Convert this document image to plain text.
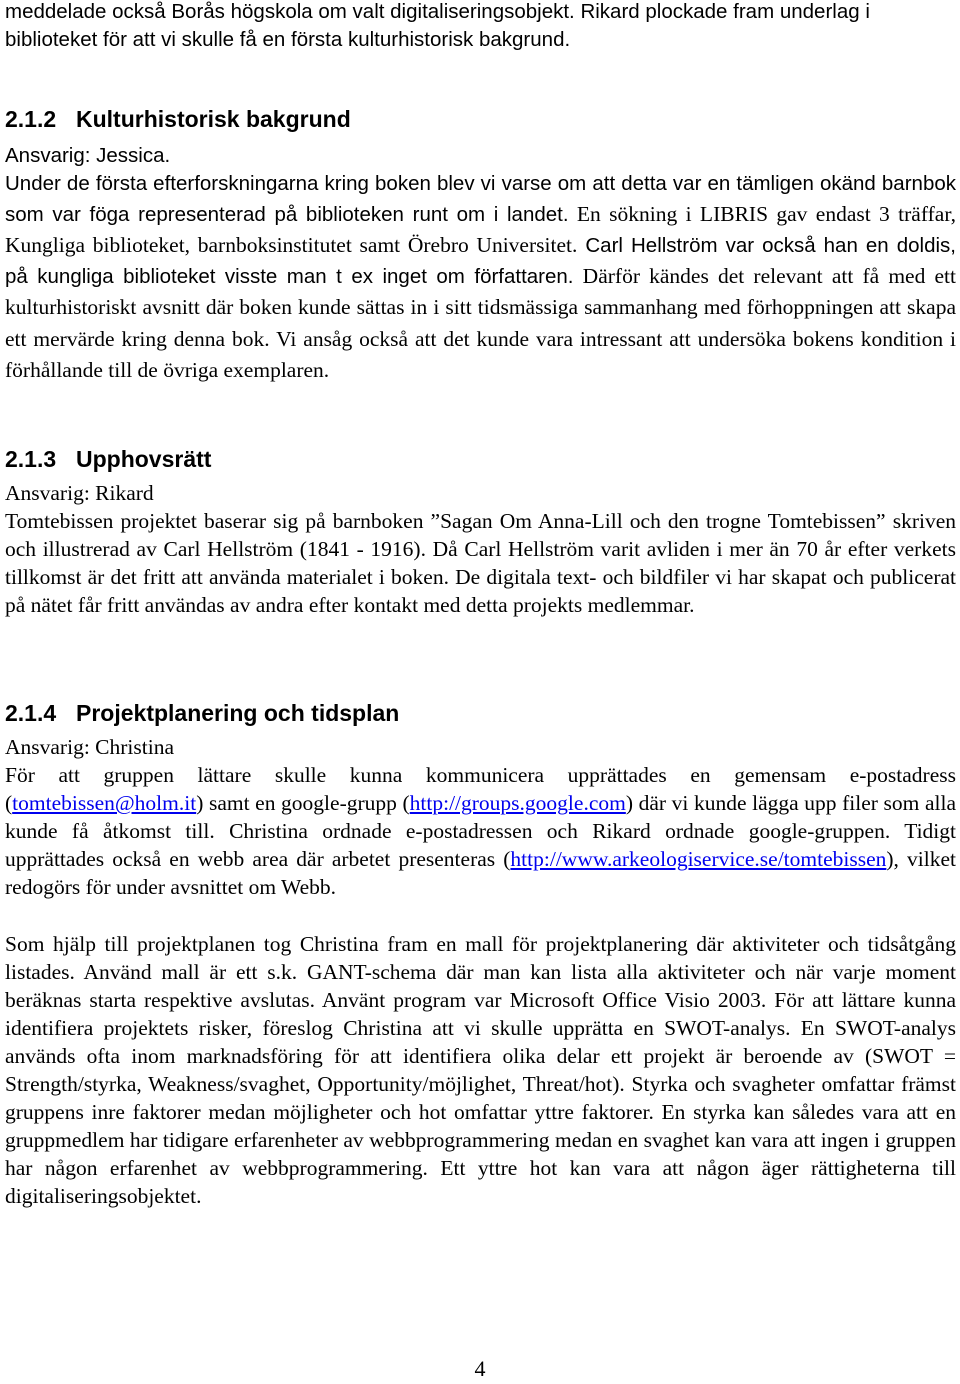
meddelade också Borås högskola om valt digitaliseringsobjekt. Rikard plockade fram underlag i
biblioteket för att vi skulle få en första kulturhistorisk bakgrund.

2.1.2 Kulturhistorisk bakgrund

Ansvarig: Jessica.

Under de första efterforskningarna kring boken blev vi varse om att detta var en tämligen okänd barnbok som var föga representerad på biblioteken runt om i landet. En sökning i LIBRIS gav endast 3 träffar, Kungliga biblioteket, barnboksinstitutet samt Örebro Universitet. Carl Hellström var också han en doldis, på kungliga biblioteket visste man t ex inget om författaren. Därför kändes det relevant att få med ett kulturhistoriskt avsnitt där boken kunde sättas in i sitt tidsmässiga sammanhang med förhoppningen att skapa ett mervärde kring denna bok. Vi ansåg också att det kunde vara intressant att undersöka bokens kondition i förhållande till de övriga exemplaren.

2.1.3 Upphovsrätt

Ansvarig: Rikard

Tomtebissen projektet baserar sig på barnboken ”Sagan Om Anna-Lill och den trogne Tomtebissen” skriven och illustrerad av Carl Hellström (1841 - 1916). Då Carl Hellström varit avliden i mer än 70 år efter verkets tillkomst är det fritt att använda materialet i boken. De digitala text- och bildfiler vi har skapat och publicerat på nätet får fritt användas av andra efter kontakt med detta projekts medlemmar.

2.1.4 Projektplanering och tidsplan

Ansvarig: Christina

För att gruppen lättare skulle kunna kommunicera upprättades en gemensam e-postadress (tomtebissen@holm.it) samt en google-grupp (http://groups.google.com) där vi kunde lägga upp filer som alla kunde få åtkomst till. Christina ordnade e-postadressen och Rikard ordnade google-gruppen. Tidigt upprättades också en webb area där arbetet presenteras (http://www.arkeologiservice.se/tomtebissen), vilket redogörs för under avsnittet om Webb.

Som hjälp till projektplanen tog Christina fram en mall för projektplanering där aktiviteter och tidsåtgång listades. Använd mall är ett s.k. GANT-schema där man kan lista alla aktiviteter och när varje moment beräknas starta respektive avslutas. Använt program var Microsoft Office Visio 2003. För att lättare kunna identifiera projektets risker, föreslog Christina att vi skulle upprätta en SWOT-analys. En SWOT-analys används ofta inom marknadsföring för att identifiera olika delar ett projekt är beroende av (SWOT = Strength/styrka, Weakness/svaghet, Opportunity/möjlighet, Threat/hot). Styrka och svagheter omfattar främst gruppens inre faktorer medan möjligheter och hot omfattar yttre faktorer. En styrka kan således vara att en gruppmedlem har tidigare erfarenheter av webbprogrammering medan en svaghet kan vara att ingen i gruppen har någon erfarenhet av webbprogrammering. Ett yttre hot kan vara att någon äger rättigheterna till digitaliseringsobjektet.

4
